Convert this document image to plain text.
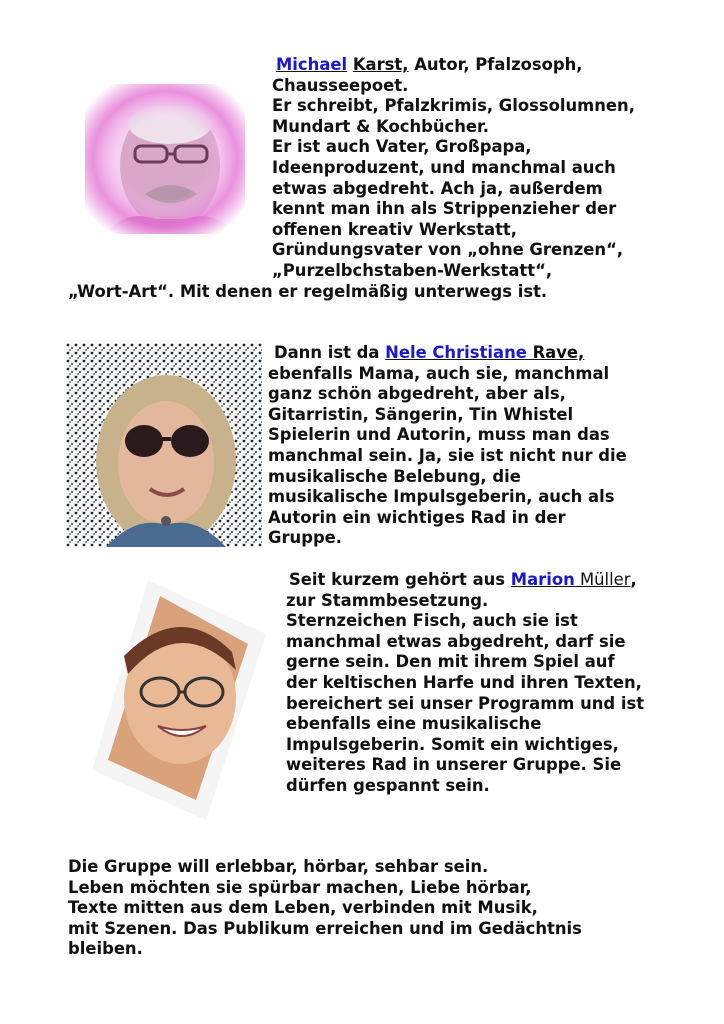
Michael Karst, Autor, Pfalzosoph,
Chausseepoet.
Er schreibt, Pfalzkrimis, Glossolumnen,
Mundart & Kochbücher.
Er ist auch Vater, Großpapa,
Ideenproduzent, und manchmal auch
etwas abgedreht. Ach ja, außerdem
kennt man ihn als Strippenzieher der
offenen kreativ Werkstatt,
Gründungsvater von „ohne Grenzen“,
„Purzelbchstaben-Werkstatt“,
„Wort-Art“. Mit denen er regelmäßig unterwegs ist.
Dann ist da Nele Christiane Rave,
ebenfalls Mama, auch sie, manchmal
ganz schön abgedreht, aber als,
Gitarristin, Sängerin, Tin Whistel
Spielerin und Autorin, muss man das
manchmal sein. Ja, sie ist nicht nur die
musikalische Belebung, die
musikalische Impulsgeberin, auch als
Autorin ein wichtiges Rad in der
Gruppe.
Seit kurzem gehört aus Marion Müller,
zur Stammbesetzung.
Sternzeichen Fisch, auch sie ist
manchmal etwas abgedreht, darf sie
gerne sein. Den mit ihrem Spiel auf
der keltischen Harfe und ihren Texten,
bereichert sei unser Programm und ist
ebenfalls eine musikalische
Impulsgeberin. Somit ein wichtiges,
weiteres Rad in unserer Gruppe. Sie
dürfen gespannt sein.
Die Gruppe will erlebbar, hörbar, sehbar sein.
Leben möchten sie spürbar machen, Liebe hörbar,
Texte mitten aus dem Leben, verbinden mit Musik,
mit Szenen. Das Publikum erreichen und im Gedächtnis
bleiben.
